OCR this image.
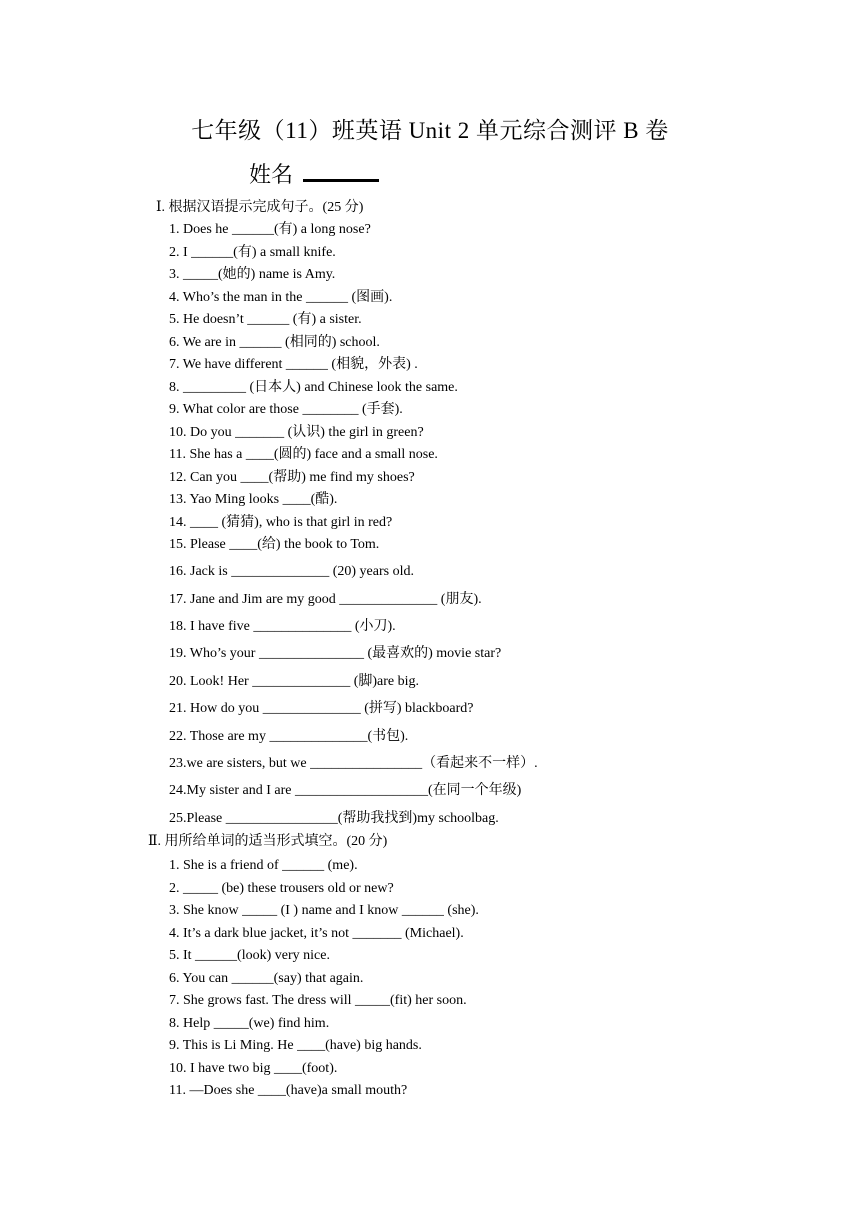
七年级（11）班英语 Unit 2 单元综合测评 B 卷
姓名
Ⅰ. 根据汉语提示完成句子。(25 分)
1. Does he ______(有) a long nose?
2. I ______(有) a small knife.
3. _____(她的) name is Amy.
4. Who’s the man in the ______ (图画).
5. He doesn’t ______ (有) a sister.
6. We are in ______ (相同的) school.
7. We have different ______ (相貌，外表) .
8. _________ (日本人) and Chinese look the same.
9. What color are those ________ (手套).
10. Do you _______ (认识) the girl in green?
11. She has a ____(圆的) face and a small nose.
12. Can you ____(帮助) me find my shoes?
13. Yao Ming looks ____(酷).
14. ____ (猜猜), who is that girl in red?
15. Please ____(给) the book to Tom.
16. Jack is ______________ (20) years old.
17. Jane and Jim are my good ______________ (朋友).
18. I have five ______________ (小刀).
19. Who’s your _______________ (最喜欢的) movie star?
20. Look! Her ______________ (脚)are big.
21. How do you ______________ (拼写) blackboard?
22. Those are my ______________(书包).
23.we are sisters, but we ________________（看起来不一样）.
24.My sister and I are ___________________(在同一个年级)
25.Please ________________(帮助我找到)my schoolbag.
Ⅱ. 用所给单词的适当形式填空。(20 分)
1. She is a friend of ______ (me).
2. _____ (be) these trousers old or new?
3. She know _____ (I ) name and I know ______ (she).
4. It’s a dark blue jacket, it’s not _______ (Michael).
5. It ______(look) very nice.
6. You can ______(say) that again.
7. She grows fast. The dress will _____(fit) her soon.
8. Help _____(we) find him.
9. This is Li Ming. He ____(have) big hands.
10. I have two big ____(foot).
11. —Does she ____(have)a small mouth?
